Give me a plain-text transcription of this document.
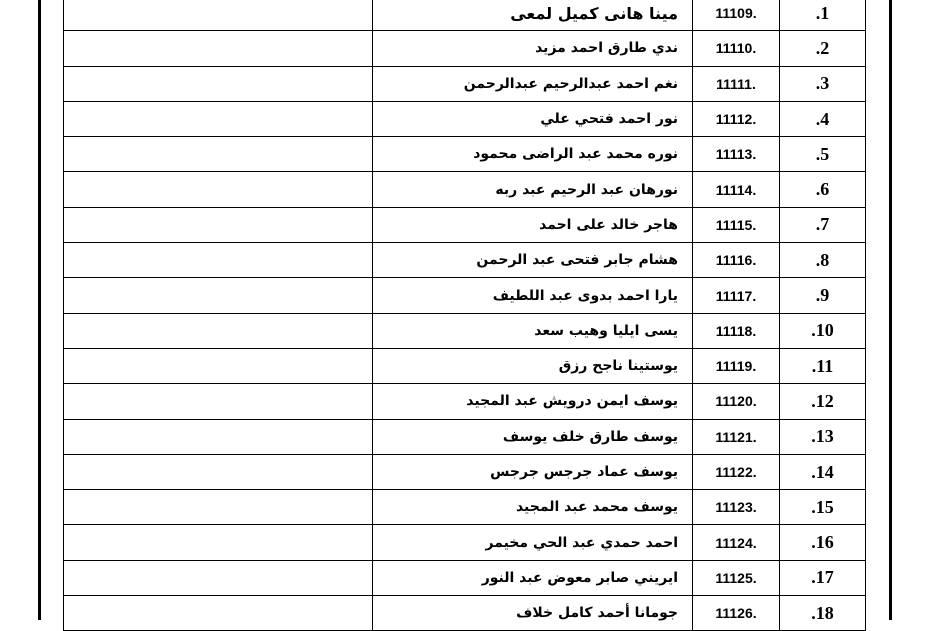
	مينا هانى كميل لمعى	11109.	.1
	ندي طارق احمد مزيد	11110.	.2
	نغم احمد عبدالرحيم عبدالرحمن	11111.	.3
	نور احمد فتحي علي	11112.	.4
	نوره محمد عبد الراضى محمود	11113.	.5
	نورهان عبد الرحيم عبد ربه	11114.	.6
	هاجر خالد على احمد	11115.	.7
	هشام جابر فتحى عبد الرحمن	11116.	.8
	يارا احمد بدوى عبد اللطيف	11117.	.9
	يسى ايليا وهيب سعد	11118.	.10
	يوستينا ناجح رزق	11119.	.11
	يوسف ايمن درويش عبد المجيد	11120.	.12
	يوسف طارق خلف يوسف	11121.	.13
	يوسف عماد جرجس جرجس	11122.	.14
	يوسف محمد عبد المجيد	11123.	.15
	احمد حمدي عبد الحي مخيمر	11124.	.16
	ايريني صابر معوض عبد النور	11125.	.17
	جومانا أحمد كامل خلاف	11126.	.18
